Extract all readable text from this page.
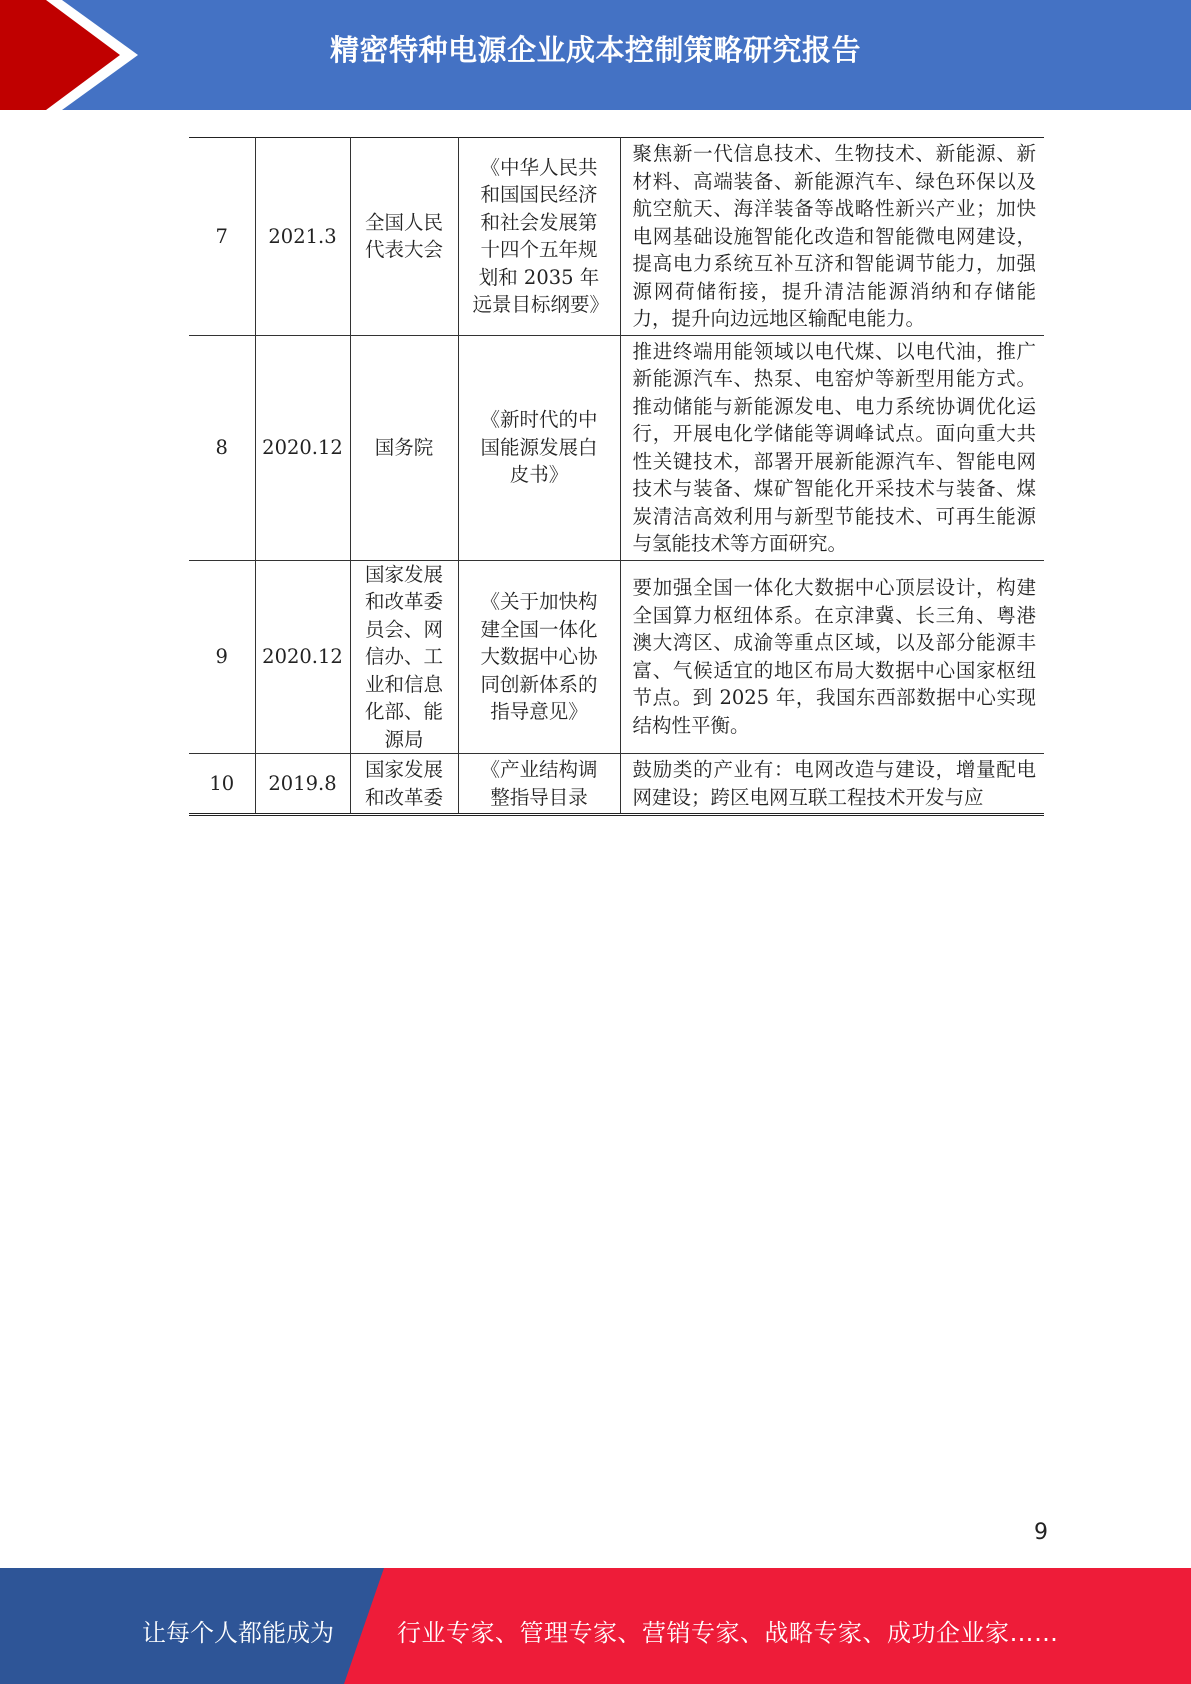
精密特种电源企业成本控制策略研究报告
7	2021.3	全国人民代表大会	《中华人民共和国国民经济和社会发展第十四个五年规划和 2035 年远景目标纲要》	聚焦新一代信息技术、生物技术、新能源、新材料、高端装备、新能源汽车、绿色环保以及航空航天、海洋装备等战略性新兴产业；加快电网基础设施智能化改造和智能微电网建设，提高电力系统互补互济和智能调节能力，加强源网荷储衔接，提升清洁能源消纳和存储能力，提升向边远地区输配电能力。
8	2020.12	国务院	《新时代的中国能源发展白皮书》	推进终端用能领域以电代煤、以电代油，推广新能源汽车、热泵、电窑炉等新型用能方式。推动储能与新能源发电、电力系统协调优化运行，开展电化学储能等调峰试点。面向重大共性关键技术，部署开展新能源汽车、智能电网技术与装备、煤矿智能化开采技术与装备、煤炭清洁高效利用与新型节能技术、可再生能源与氢能技术等方面研究。
9	2020.12	国家发展和改革委员会、网信办、工业和信息化部、能源局	《关于加快构建全国一体化大数据中心协同创新体系的指导意见》	要加强全国一体化大数据中心顶层设计，构建全国算力枢纽体系。在京津冀、长三角、粤港澳大湾区、成渝等重点区域，以及部分能源丰富、气候适宜的地区布局大数据中心国家枢纽节点。到 2025 年，我国东西部数据中心实现结构性平衡。
10	2019.8	国家发展和改革委	《产业结构调整指导目录	鼓励类的产业有：电网改造与建设，增量配电网建设；跨区电网互联工程技术开发与应
9
让每个人都能成为	行业专家、管理专家、营销专家、战略专家、成功企业家……
